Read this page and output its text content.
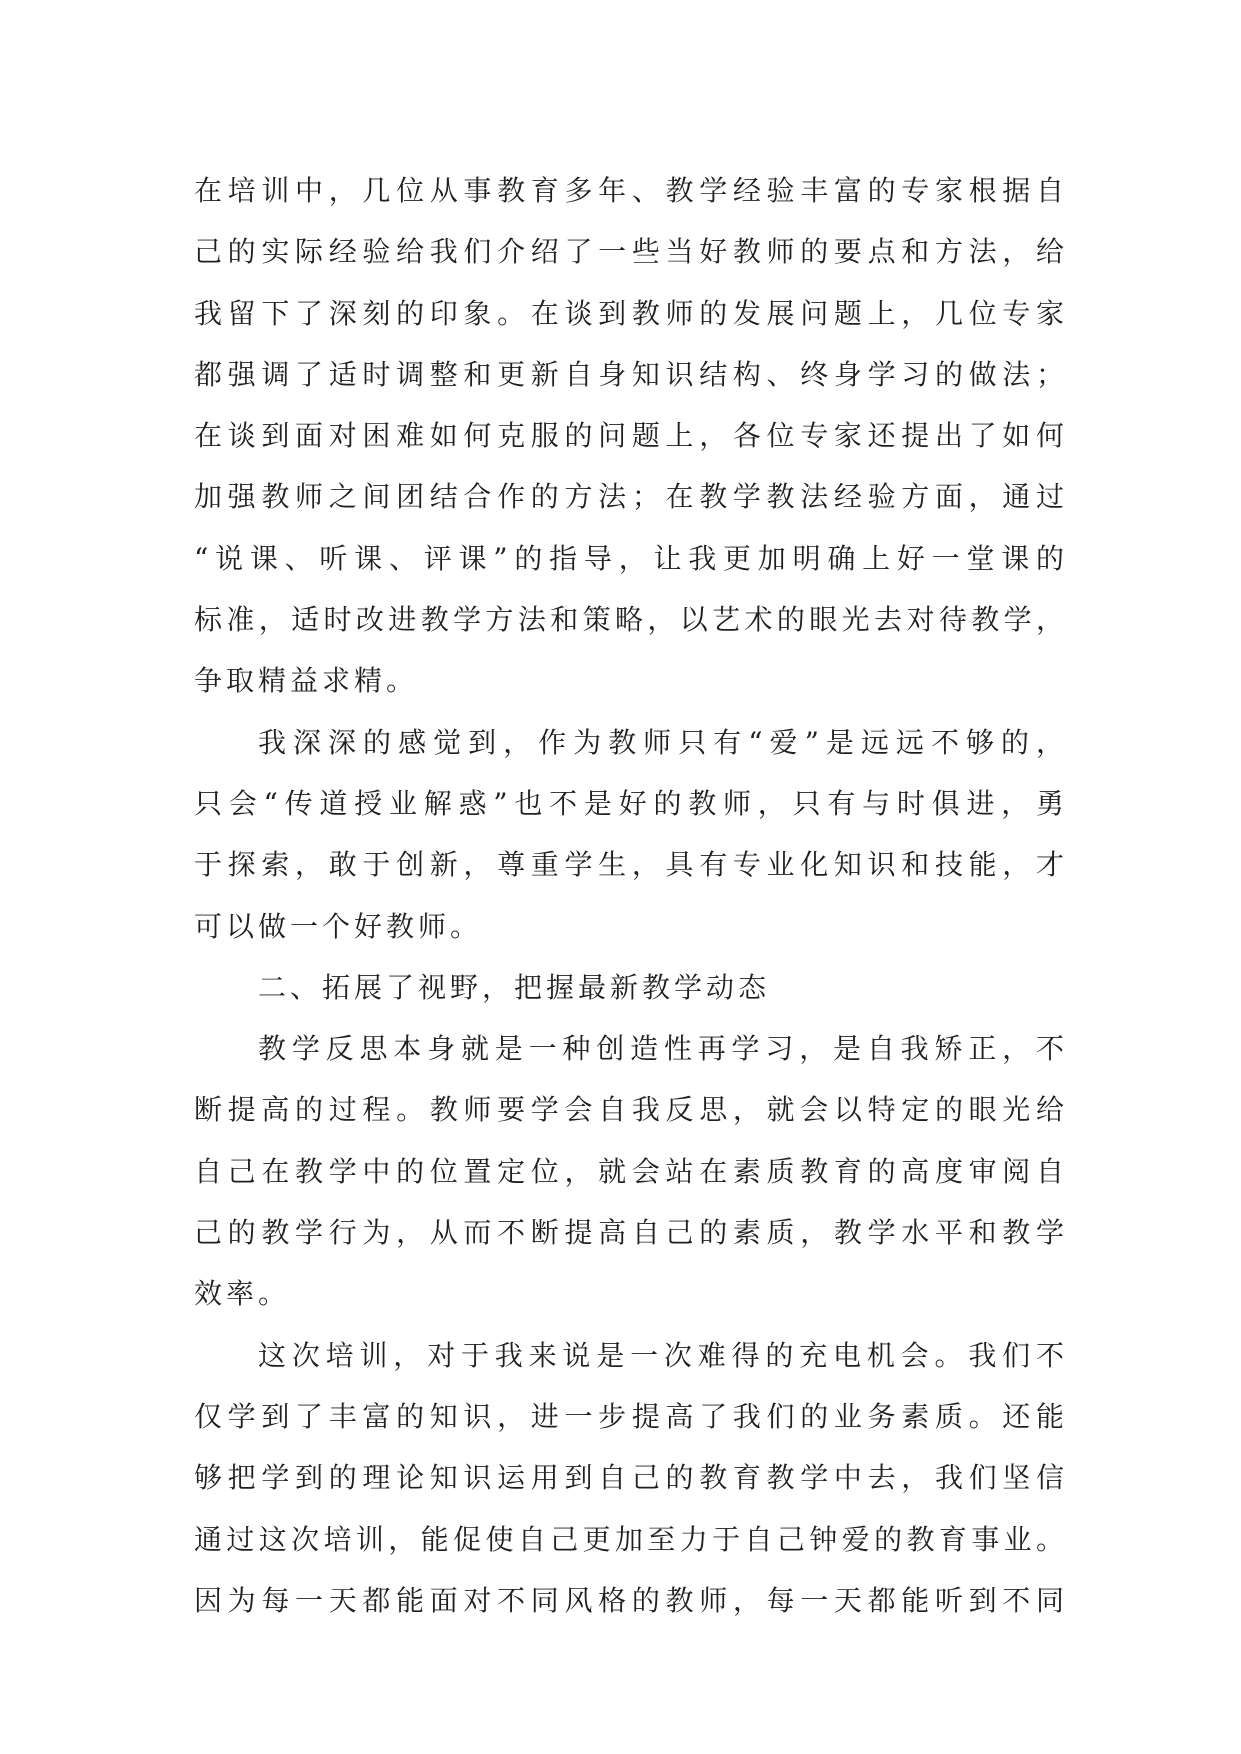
在培训中，几位从事教育多年、教学经验丰富的专家根据自
己的实际经验给我们介绍了一些当好教师的要点和方法，给
我留下了深刻的印象。在谈到教师的发展问题上，几位专家
都强调了适时调整和更新自身知识结构、终身学习的做法；
在谈到面对困难如何克服的问题上，各位专家还提出了如何
加强教师之间团结合作的方法；在教学教法经验方面，通过
“说课、听课、评课”的指导，让我更加明确上好一堂课的
标准，适时改进教学方法和策略，以艺术的眼光去对待教学，
争取精益求精。
我深深的感觉到，作为教师只有“爱”是远远不够的，
只会“传道授业解惑”也不是好的教师，只有与时俱进，勇
于探索，敢于创新，尊重学生，具有专业化知识和技能，才
可以做一个好教师。
二、拓展了视野，把握最新教学动态
教学反思本身就是一种创造性再学习，是自我矫正，不
断提高的过程。教师要学会自我反思，就会以特定的眼光给
自己在教学中的位置定位，就会站在素质教育的高度审阅自
己的教学行为，从而不断提高自己的素质，教学水平和教学
效率。
这次培训，对于我来说是一次难得的充电机会。我们不
仅学到了丰富的知识，进一步提高了我们的业务素质。还能
够把学到的理论知识运用到自己的教育教学中去，我们坚信
通过这次培训，能促使自己更加至力于自己钟爱的教育事业。
因为每一天都能面对不同风格的教师，每一天都能听到不同
